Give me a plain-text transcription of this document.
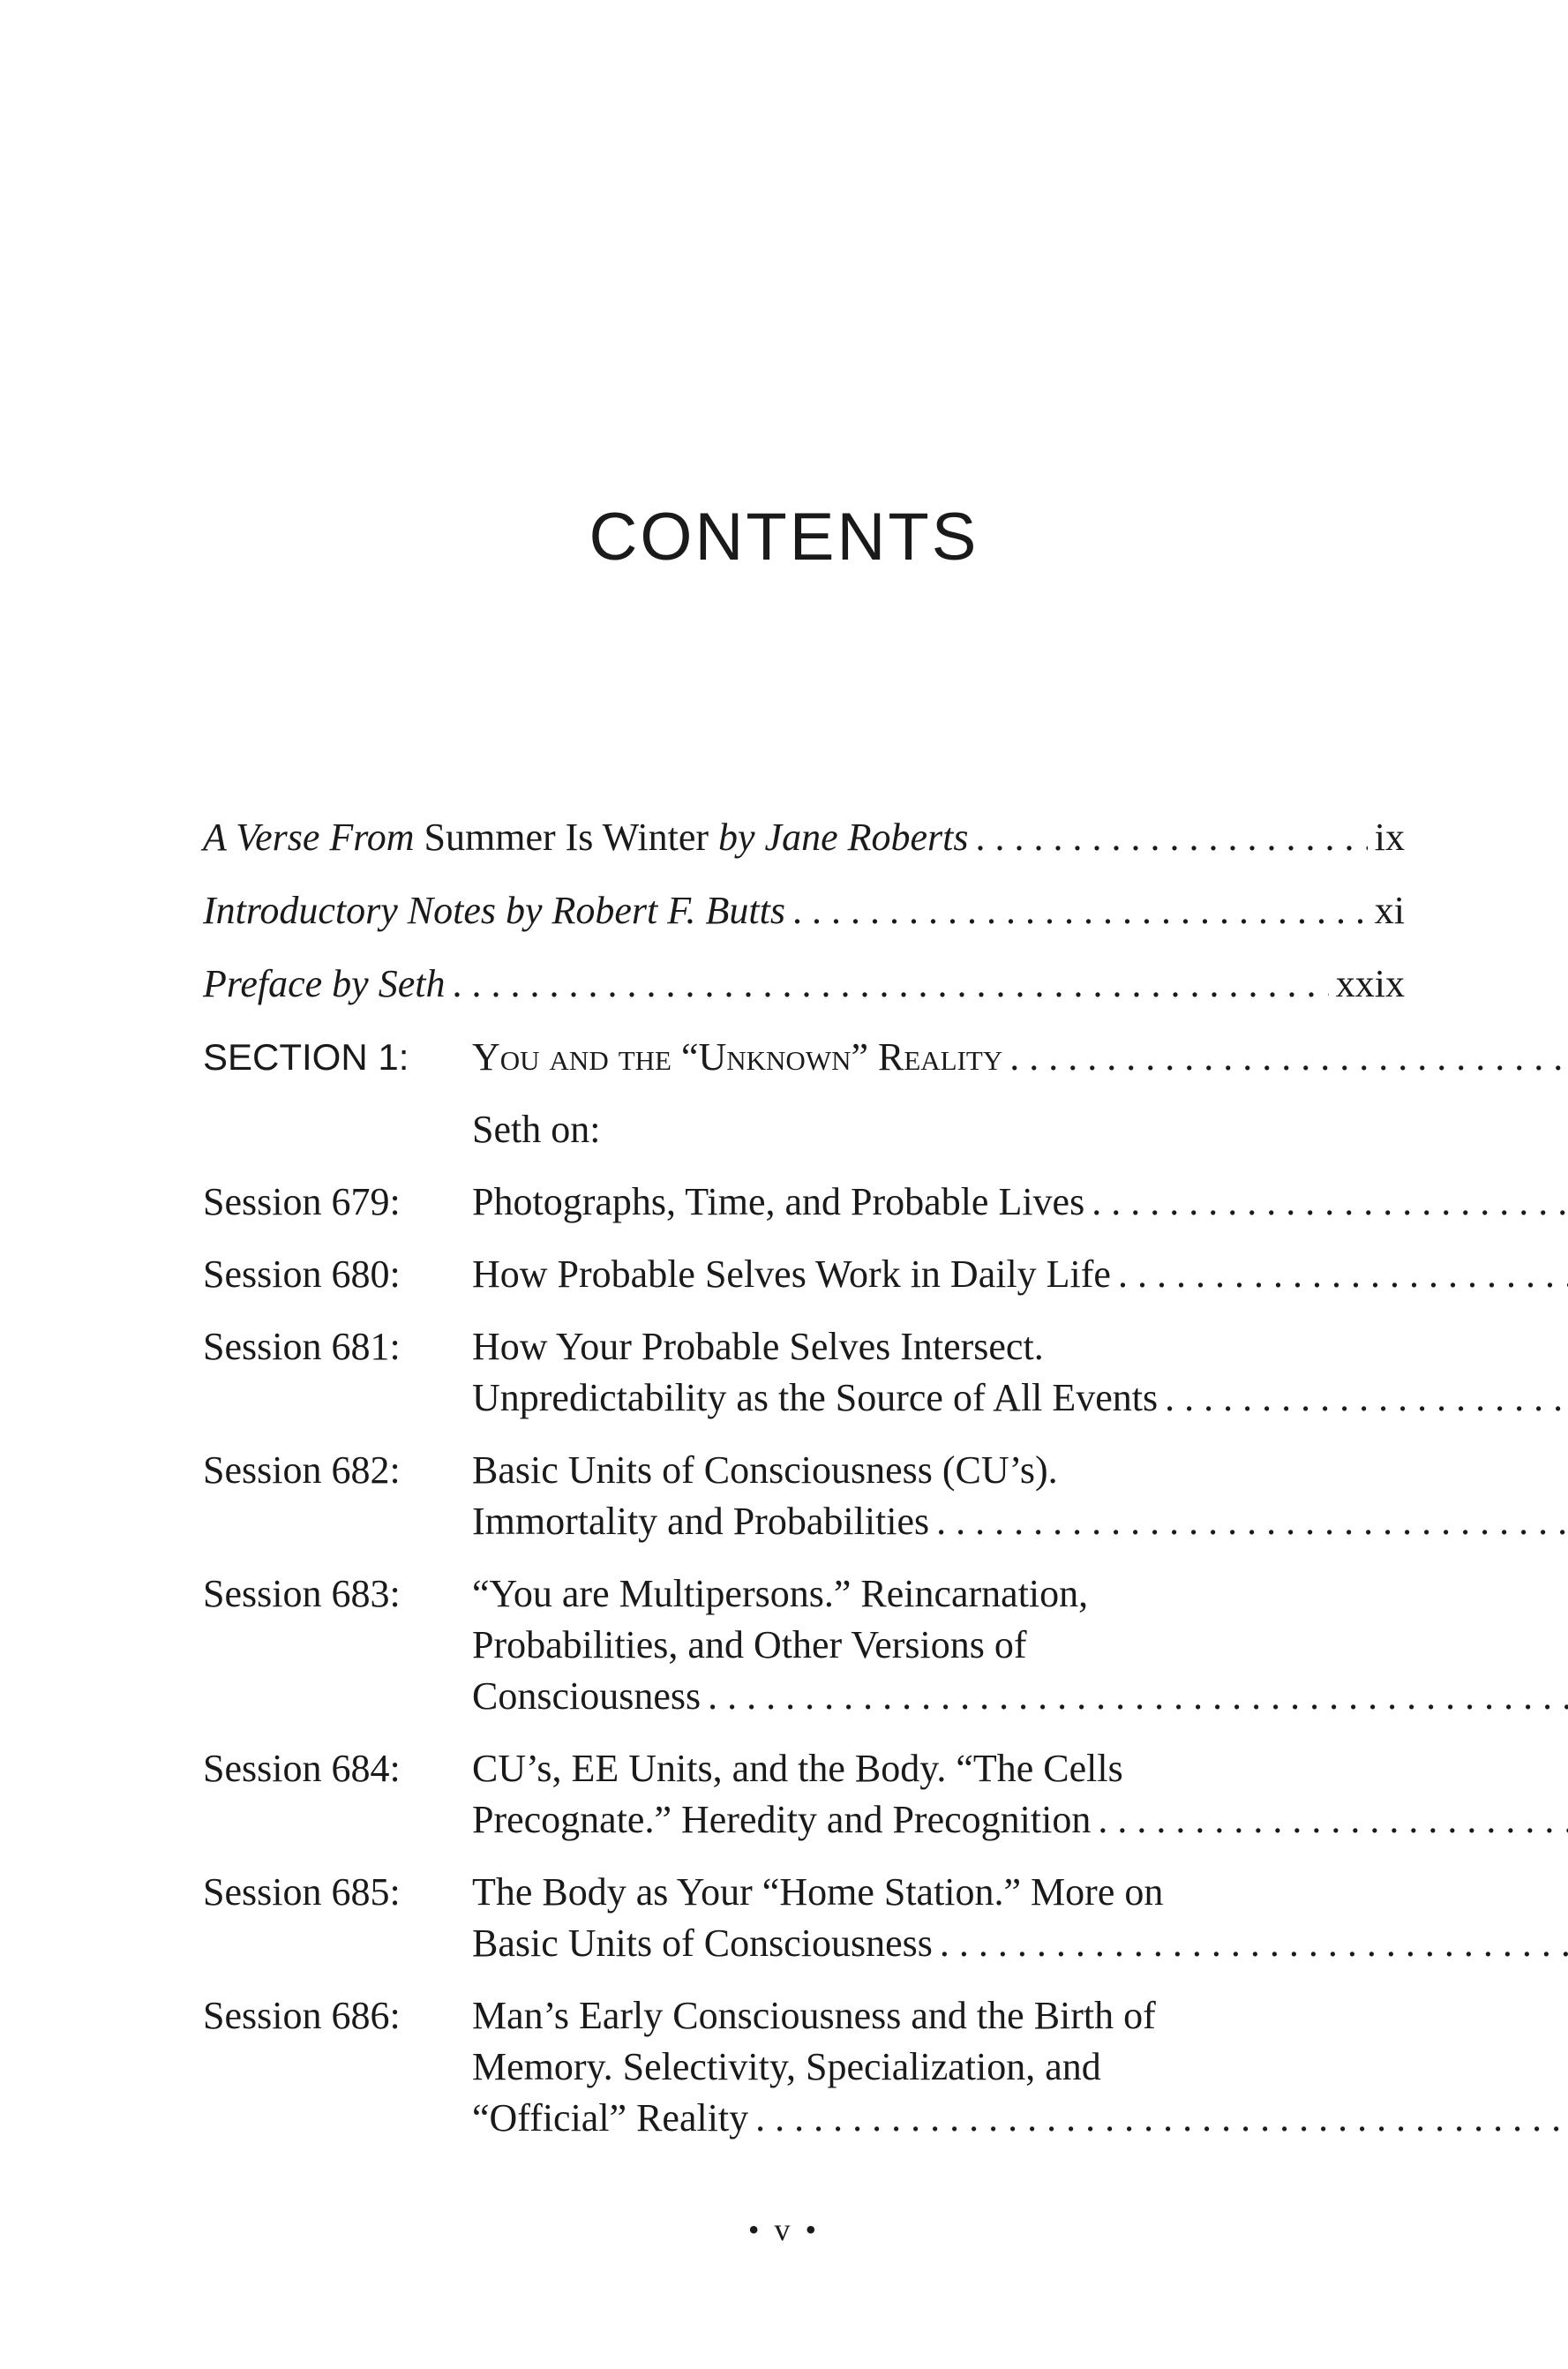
CONTENTS
A Verse From Summer Is Winter by Jane Roberts . . .	ix
Introductory Notes by Robert F. Butts . . .	xi
Preface by Seth . . .	xxix
SECTION 1:	You and the “Unknown” Reality
. . .
Seth on:
Session 679:	Photographs, Time, and Probable Lives
. . .
Session 680:	How Probable Selves Work in Daily Life
. . .
Session 681:	How Your Probable Selves Intersect.
Unpredictability as the Source of All Events
. . .
Session 682:	Basic Units of Consciousness (CU’s).
Immortality and Probabilities
. . .
Session 683:	“You are Multipersons.” Reincarnation,
Probabilities, and Other Versions of
Consciousness
. . .
Session 684:	CU’s, EE Units, and the Body. “The Cells
Precognate.” Heredity and Precognition
. . .
Session 685:	The Body as Your “Home Station.” More on
Basic Units of Consciousness
. . .
Session 686:	Man’s Early Consciousness and the Birth of
Memory. Selectivity, Specialization, and
“Official” Reality
. . .
• v •
